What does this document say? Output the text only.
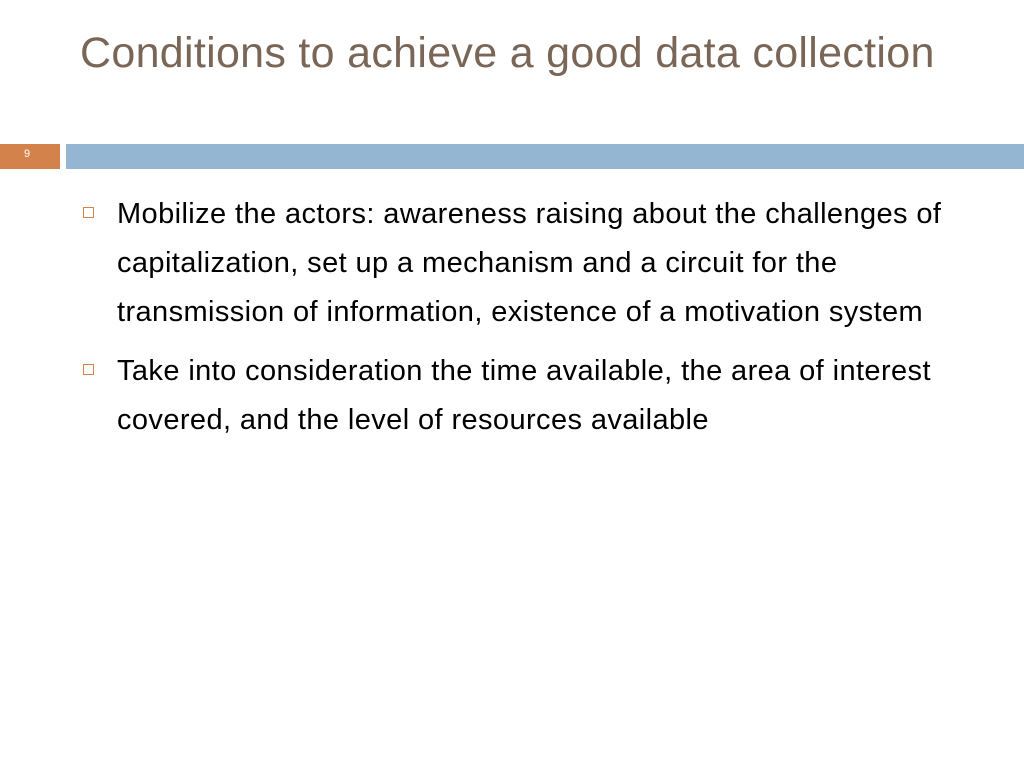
Conditions to achieve a good data collection
9
Mobilize the actors: awareness raising about the challenges of capitalization, set up a mechanism and a circuit for the transmission of information, existence of a motivation system
Take into consideration the time available, the area of interest covered, and the level of resources available
